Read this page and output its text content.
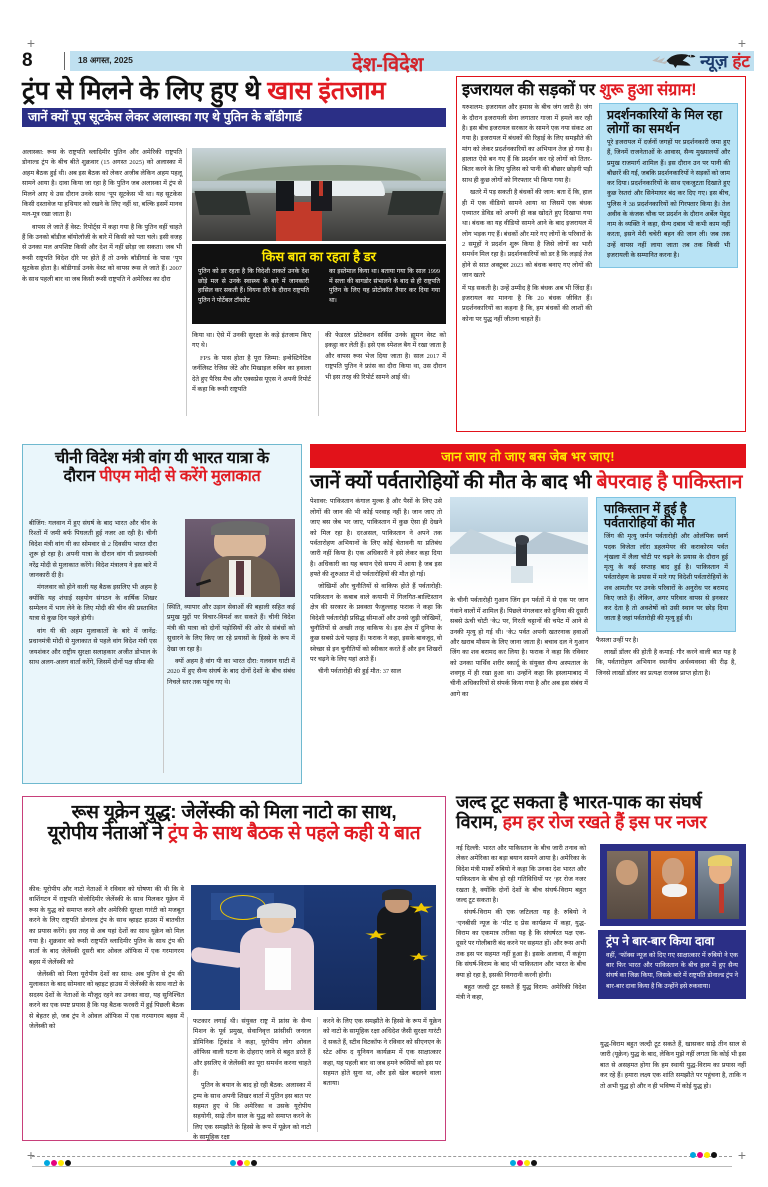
+
+
+
+
8	18 अगस्त, 2025	देश-विदेश	न्यूज़ हंट
ट्रंप से मिलने के लिए हुए थे खास इंतजाम
जानें क्यों पूप सूटकेस लेकर अलास्का गए थे पुतिन के बॉडीगार्ड

अलास्का: रूस के राष्ट्रपति व्लादिमीर पुतिन और अमेरिकी राष्ट्रपति डोनाल्ड ट्रंप के बीच बीते शुक्रवार (15 अगस्त 2025) को अलास्का में अहम बैठक हुई थी। अब इस बैठक को लेकर अजीब लेकिन अहम पहलू सामने आया है। दावा किया जा रहा है कि पुतिन जब अलास्का में ट्रंप से मिलने आए थे उस दौरान उनके साथ ‘पूप सूटकेस भी था। यह सूटकेस किसी दस्तावेज या हथियार को रखने के लिए नहीं था, बल्कि इसमें मानव मल-मूत्र रखा जाता है।

वापस ले जाते हैं वेस्ट: रिपोर्ट्स में कहा गया है कि पुतिन वहीं चाहते हैं कि उनको बॉडीज बॉयोलॉजी के बारे में किसी को पता चले। इसी वजह से उनका मल अपशिष्ट किसी और देश में नहीं छोड़ा जा सकता। जब भी रूसी राष्ट्रपति विदेश दौरे पर होते हैं तो उनके बॉडीगार्ड के पास ‘पूप सूटकेस होता है। बॉडीगार्ड उनके वेस्ट को वापस रूस ले जाते हैं। 2007 के साथ पहली बार था जब किसी रूसी राष्ट्रपति ने अमेरिका का दौरा

किस बात का रहता है डर
पुतिन को डर रहता है कि विदेशी ताकतें उनके देश छोड़े मल से उनके स्वास्थ्य के बारे में जानकारी हासिल कर सकती हैं। वियना दौरे के दौरान राष्ट्रपति पुतिन ने पोर्टेबल टॉयलेट
का इस्तेमाल किया था। बताया गया कि साल 1999 में सत्ता की बागडोर संभालने के बाद से ही राष्ट्रपति पुतिन के लिए यह प्रोटोकॉल तैयार कर दिया गया था।

किया था। ऐसे में उनकी सुरक्षा के कड़े इंतजाम किए गए थे।

FPS के पास होता है पूरा जिम्मा: इन्वेस्टिगेटिव जर्नलिस्ट रेजिस जेंटे और मिखाइल रुबिन का हवाला देते हुए पैरिस मैच और एक्सप्रेस यूएस ने अपनी रिपोर्ट में कहा कि रूसी राष्ट्रपति

की फेडरल प्रोटेक्शन सर्विस उनके ह्यूमन वेस्ट को इकट्ठा कर लेती हैं। इसे एक स्पेशल बैग में रखा जाता है और वापस रूस भेज दिया जाता है। साल 2017 में राष्ट्रपति पुतिन ने फ्रांस का दौरा किया था, उस दौरान भी इस तरह की रिपोर्ट सामने आई थी।
इजरायल की सड़कों पर शुरू हुआ संग्राम!

यरुशलम: इजरायल और हमास के बीच जंग जारी है। जंग के दौरान इजरायली सेना लगातार गाजा में हमले कर रही है। इस बीच इजरायल सरकार के सामने एक नया संकट आ गया है। इजरायल में बंधकों की रिहाई के लिए समझौते की मांग को लेकर प्रदर्शनकारियों का अभियान तेज हो गया है। हालात ऐसे बन गए हैं कि प्रदर्शन कर रहे लोगों को तितर-बितर करने के लिए पुलिस को पानी की बौछार छोड़नी पड़ी साथ ही कुछ लोगों को गिरफ्तार भी किया गया है।

खतरे में पड़ सकती है बंधकों की जान: बता दें कि, हाल ही में एक वीडियो सामने आया था जिसमें एक बंधक एव्यातर डेविड को अपनी ही कब्र खोदते हुए दिखाया गया था। बंधक का यह वीडियो सामने आने के बाद इजरायल में लोग भड़क गए हैं। बंधकों और मारे गए लोगों के परिवारों के 2 समूहों ने प्रदर्शन शुरू किया है जिसे लोगों का भारी समर्थन मिल रहा है। प्रदर्शनकारियों को डर है कि लड़ाई तेज होने से सात अक्टूबर 2023 को बंधक बनाए गए लोगों की जान खतरे

में पड़ सकती है। उन्हें उम्मीद है कि बंधक अब भी जिंदा हैं। इजरायल का मानना है कि 20 बंधक जीवित हैं। प्रदर्शनकारियों का कहना है कि, हम बंधकों की लाशों की कोना पर युद्ध नहीं जीतना चाहते हैं।

प्रदर्शनकारियों के मिल रहा लोगों का समर्थन

पूरे इजरायल में दर्जनों जगहों पर प्रदर्शनकारी जमा हुए हैं, जिनमें राजनेताओं के आवास, सैन्य मुख्यालयों और प्रमुख राजमार्ग शामिल हैं। इस दौरान उन पर पानी की बौछारें की गईं, जबकि प्रदर्शनकारियों ने सड़कों को जाम कर दिया। प्रदर्शनकारियों के साथ एकजुटता दिखाते हुए कुछ रेस्तरां और सिनेमाघर बंद कर दिए गए। इस बीच, पुलिस ने 38 प्रदर्शनकारियों को गिरफ्तार किया है। तेल अवीव के कंजक चौक पर प्रदर्शन के दौरान अर्बेल येहुद नाम के व्यक्ति ने कहा, सैन्य दबाव भी कभी काम नहीं करता, इसने मेरी चचेरी बहन की जान ली। जब तक उन्हें वापस नहीं लाया जाता तब तक किसी भी इजरायली के सम्मानित करना है।

चीनी विदेश मंत्री वांग यी भारत यात्रा के
दौरान पीएम मोदी से करेंगे मुलाकात

बीजिंग: गलवान में हुए संघर्ष के बाद भारत और चीन के रिश्तों में जमी बर्फ पिघलती हुई नजर आ रही है। चीनी विदेश मंत्री वांग यी का सोमवार से 2 दिवसीय भारत दौरा शुरू हो रहा है। अपनी यात्रा के दौरान वांग यी प्रधानमंत्री नरेंद्र मोदी से मुलाकात करेंगे। विदेश मंत्रालय ने इस बारे में जानकारी दी है।

मंगलवार को होने वाली यह बैठक इसलिए भी अहम है क्योंकि यह शंघाई सहयोग संगठन के वार्षिक शिखर सम्मेलन में भाग लेने के लिए मोदी की चीन की प्रस्तावित यात्रा से कुछ दिन पहले होगी।

वांग यी की अहम मुलाकातों के बारे में जानेंद्र: प्रधानमंत्री मोदी से मुलाकात से पहले वांग विदेश मंत्री एस जयशंकर और राष्ट्रीय सुरक्षा सलाहकार अजीत डोभाल के साथ अलग-अलग वार्ता करेंगे, जिसमें दोनों पक्ष सीमा की

स्थिति, व्यापार और उड़ान सेवाओं की बहाली सहित कई प्रमुख मुद्दों पर विचार-विमर्श कर सकते हैं। चीनी विदेश मंत्री की यात्रा को दोनों पड़ोसियों की ओर से संबंधों को सुधारने के लिए किए जा रहे प्रयासों के हिस्से के रूप में देखा जा रहा है।

क्यों अहम है वांग यी का भारत दौरा: गलवान घाटी में 2020 में हुए सैन्य संघर्ष के बाद दोनों देशों के बीच संबंध निचले स्तर तक पहुंच गए थे।

जान जाए तो जाए बस जेब भर जाए!
जानें क्यों पर्वतारोहियों की मौत के बाद भी बेपरवाह है पाकिस्तान

पेशावर: पाकिस्तान कंगाल मुल्क है और पैसों के लिए उसे लोगों की जान की भी कोई परवाह नहीं है। जान जाए तो जाए बस जेब भर जाए, पाकिस्तान में कुछ ऐसा ही देखने को मिल रहा है। दरअसल, पाकिस्तान ने अपने तक पर्वतारोहण अभियानों के लिए कोई चेतावनी या प्रतिबंध जारी नहीं किया है। एक अधिकारी ने इसे लेकर कहा दिया है। अधिकारी का यह बयान ऐसे समय में आया है जब इस हफ्ते की शुरुआत में दो पर्वतारोहियों की मौत हो गई।

जोखिमों और चुनौतियों से वाकिफ होते हैं पर्वतारोही: पाकिस्तान के कबाब वाले कयामी में गिलगित-बाल्टिस्तान क्षेत्र की सरकार के प्रवक्ता फैजुल्लाह फराक ने कहा कि विदेशी पर्वतारोही प्रसिद्ध सीमाओं और उनसे जुड़ी जोखिमों, चुनौतियों से अच्छी तरह वाकिफ थे। इस क्षेत्र में दुनिया के कुछ सबसे ऊंचे पहाड़ हैं। फराक ने कहा, इसके बावजूद, वो स्वेच्छा से इन चुनौतियों को स्वीकार करते हैं और इन शिखरों पर चढ़ने के लिए यहां आते हैं।

चीनी पर्वतारोही की हुई मौत: 37 साल

के चीनी पर्वतारोही गुआन जिंग इन पर्वतों में से एक पर जान गंवाने वालों में शामिल हैं। पिछले मंगलवार को दुनिया की दूसरी सबसे ऊंची चोटी ‘के2 पर, गिरती चट्टानों की चपेट में आने से उनकी मृत्यु हो गई थी। ‘के2 पर्वत अपनी खतरनाक हवाओं और खराब मौसम के लिए जाना जाता है। बचाव दल ने गुआन जिंग का शव बरामद कर लिया है। फराक ने कहा कि रविवार को उनका पार्थिव शरीर स्कार्दू के संयुक्त सैन्य अस्पताल के शवगृह में ही रखा हुआ था। उन्होंने कहा कि इस्लामाबाद में चीनी अधिकारियों से संपर्क किया गया है और अब इस संबंध में आगे का
पाकिस्तान में हुई है पर्वतारोहियों की मौत

जिंग की मृत्यु जर्मन पर्वतारोही और ओलंपिक स्वर्ण पदक विजेता लॉरा डहलमेयर की कराकोरम पर्वत शृंखला में लैला चोटी पर चढ़ने के प्रयास के दौरान हुई मृत्यु के कई सप्ताह बाद हुई है। पाकिस्तान में पर्वतारोहण के प्रयास में मारे गए विदेशी पर्वतारोहियों के शव आमतौर पर उनके परिवारों के अनुरोध पर बरामद किए जाते हैं। लेकिन, अगर परिवार वापस से इनकार कर देता है तो अवशेषों को उसी स्थान पर छोड़ दिया जाता है जहां पर्वतारोही की मृत्यु हुई थी।

फैसला उन्हीं पर है।

लाखों डॉलर की होती है कमाई: गौर करने वाली बात यह है कि, पर्वतारोहण अभियान स्थानीय अर्थव्यवस्था की रीढ़ है, जिनसे लाखों डॉलर का प्रत्यक्ष राजस्व प्राप्त होता है।

रूस यूक्रेन युद्ध: जेलेंस्की को मिला नाटो का साथ,
यूरोपीय नेताओं ने ट्रंप के साथ बैठक से पहले कही ये बात

कीव: यूरोपीय और नाटो नेताओं ने रविवार को घोषणा की थी कि वे वाशिंगटन में राष्ट्रपति वोलोदिमीर जेलेंस्की के साथ मिलकर यूक्रेन में रूस के युद्ध को समाप्त करने और अमेरिकी सुरक्षा गारंटी को मजबूत करने के लिए राष्ट्रपति डोनाल्ड ट्रंप के साथ व्हाइट हाउस में बातचीत का प्रयास करेंगे। इस तरह से अब यहां देशों का साथ यूक्रेन को मिल गया है। शुक्रवार को रूसी राष्ट्रपति व्लादिमीर पुतिन के साथ ट्रंप की वार्ता के बाद जेलेंस्की दूसरी बार ओवल ऑफिस में एक गरमागरम बहस में जेलेंस्की को

जेलेंस्की को मिला यूरोपीय देशों का साथ: अब पुतिन से ट्रंप की मुलाकात के बाद सोमवार को व्हाइट हाउस में जेलेंस्की के साथ नाटो के सदस्य देशों के नेताओं के मौजूद रहने का उनका वादा, यह सुनिश्चित करने का एक स्पष्ट प्रयास है कि यह बैठक फरवरी में हुई पिछली बैठक से बेहतर हो, जब ट्रंप ने ओवल ऑफिस में एक गरमागरम बहस में जेलेंस्की को

फटकार लगाई थी। संयुक्त राष्ट्र में फ्रांस के सैन्य मिशन के पूर्व प्रमुख, सेवानिवृत्त फ्रांसीसी जनरल डोमिनिक ट्रिंकांड ने कहा, यूरोपीय लोग ओवल ऑफिस वाली घटना के दोहराए जाने से बहुत डरते हैं और इसलिए वे जेलेंस्की का पूरा समर्थन करना चाहते हैं।

पुतिन के बयान के बाद हो रही बैठक: अलास्का में ट्रम्प के साथ अपनी शिखर वार्ता में पुतिन इस बात पर सहमत हुए थे कि अमेरिका व उसके यूरोपीय सहयोगी, साढ़े तीन साल के युद्ध को समाप्त करने के लिए एक समझौते के हिस्से के रूप में यूक्रेन को नाटो के सामूहिक रक्षा

करने के लिए एक समझौते के हिस्से के रूप में यूक्रेन को नाटो के सामूहिक रक्षा अधिदेश जैसी सुरक्षा गारंटी दे सकते हैं, स्टीव विटकॉफ ने रविवार को सीएनएन के स्टेट ऑफ द यूनियन कार्यक्रम में एक साक्षात्कार कहा, यह पहली बार था जब हमने रूसियों को इस पर सहमत होते सुना था, और इसे खेल बदलने वाला बताया।
जल्द टूट सकता है भारत-पाक का संघर्ष
विराम, हम हर रोज रखते हैं इस पर नजर

नई दिल्ली: भारत और पाकिस्तान के बीच जारी तनाव को लेकर अमेरिका का बड़ा बयान सामने आया है। अमेरिका के विदेश मंत्री मार्को रुबियो ने कहा कि उनका देश भारत और पाकिस्तान के बीच हो रही गतिविधियों पर ‘हर रोज नजर रखता है, क्योंकि दोनों देशों के बीच संघर्ष-विराम बहुत जल्द टूट सकता है।

संघर्ष-विराम की एक जटिलता यह है: रुबियो ने ‘एनबीसी न्यूज के ‘मीट द प्रेस कार्यक्रम में कहा, युद्ध-विराम का एकमात्र तरीका यह है कि संघर्षरत पक्ष एक-दूसरे पर गोलीबारी बंद करने पर सहमत हों। और रूस अभी तक इस पर सहमत नहीं हुआ है। इसके अलावा, मैं कहूंगा कि संघर्ष-विराम के बाद भी पाकिस्तान और भारत के बीच क्या हो रहा है, इसकी निगरानी करनी होगी।

बहुत जल्दी टूट सकते हैं युद्ध विराम: अमेरिकी विदेश मंत्री ने कहा,

ट्रंप ने बार-बार किया दावा

वहीं, ‘फॉक्स न्यूज को दिए गए साक्षात्कार में रुबियो ने एक बार फिर भारत और पाकिस्तान के बीच हाल में हुए सैन्य संघर्ष का जिक्र किया, जिसके बारे में राष्ट्रपति डोनाल्ड ट्रंप ने बार-बार दावा किया है कि उन्होंने इसे रुकवाया।

युद्ध-विराम बहुत जल्दी टूट सकते हैं, खासकर साढ़े तीन साल से जारी (यूक्रेन) युद्ध के बाद, लेकिन मुझे नहीं लगता कि कोई भी इस बात से असहमत होगा कि हम स्थायी युद्ध-विराम का प्रयास नहीं कर रहे हैं। हमारा लक्ष्य एक शांति समझौते पर पहुंचना है, ताकि न तो अभी युद्ध हो और न ही भविष्य में कोई युद्ध हो।
